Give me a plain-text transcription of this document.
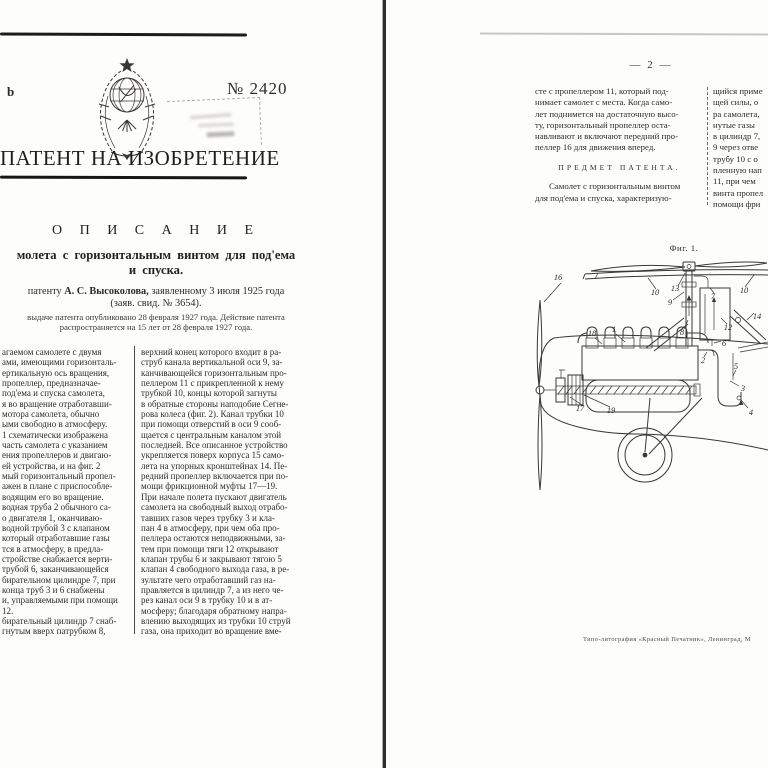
b	№ 2420
ПАТЕНТ НА ИЗОБРЕТЕНИЕ
О П И С А Н И Е
молета с горизонтальным винтом для под'ема
и спуска.
патенту А. С. Высоколова, заявленному 3 июля 1925 года
(заяв. свид. № 3654).
выдаче патента опубликовано 28 февраля 1927 года. Действие патента
распространяется на 15 лет от 28 февраля 1927 года.
агаемом самолете с двумя
ами, имеющими горизонталь-
ертикальную ось вращения,
пропеллер, предназначае-
под'ема и спуска самолета,
я во вращение отработавши-
мотора самолета, обычно
ыми свободно в атмосферу.
1 схематически изображена
часть самолета с указанием
ения пропеллеров и двигаю-
ей устройства, и на фиг. 2
мый горизонтальный пропел-
ажен в плане с приспособле-
водящим его во вращение.
водная труба 2 обычного са-
о двигателя 1, оканчиваю-
водной трубой 3 с клапаном
который отработавшие газы
тся в атмосферу, в предла-
стройстве снабжается верти-
трубой 6, заканчивающейся
бирательном цилиндре 7, при
конца труб 3 и 6 снабжены
и, управляемыми при помощи
12.
бирательный цилиндр 7 снаб-
гнутым вверх патрубком 8,
верхний конец которого входит в ра-
струб канала вертикальной оси 9, за-
канчивающейся горизонтальным про-
пеллером 11 с прикрепленной к нему
трубкой 10, концы которой загнуты
в обратные стороны наподобие Сегне-
рова колеса (фиг. 2). Канал трубки 10
при помощи отверстий в оси 9 сооб-
щается с центральным каналом этой
последней. Все описанное устройство
укрепляется поверх корпуса 15 само-
лета на упорных кронштейнах 14. Пе-
редний пропеллер включается при по-
мощи фрикционной муфты 17—19.
При начале полета пускают двигатель
самолета на свободный выход отрабо-
тавших газов через трубку 3 и кла-
пан 4 в атмосферу, при чем оба про-
пеллера остаются неподвижными, за-
тем при помощи тяги 12 открывают
клапан трубы 6 и закрывают тягою 5
клапан 4 свободного выхода газа, в ре-
зультате чего отработавший газ на-
правляется в цилиндр 7, а из него че-
рез канал оси 9 в трубку 10 и в ат-
мосферу; благодаря обратному напра-
влению выходящих из трубки 10 струй
газа, она приходит во вращение вме-
— 2 —
сте с пропеллером 11, который под-
нимает самолет с места. Когда само-
лет поднимется на достаточную высо-
ту, горизонтальный пропеллер оста-
навливают и включают передний про-
пеллер 16 для движения вперед.
щийся приме
щей силы, о
ра самолета,
нутые газы
в цилиндр 7,
9 через отве
трубу 10 с о
пленную нап
11, при чем
винта пропел
помощи фри
ПРЕДМЕТ ПАТЕНТА.
Самолет с горизонтальным винтом
для под'ема и спуска, характеризую-
Фиг. 1.
16
10 13
9
7
10
14
12
8
6
1
18
2
17	19
5
3
4
Типо-литография «Красный Печатник», Ленинград, М
